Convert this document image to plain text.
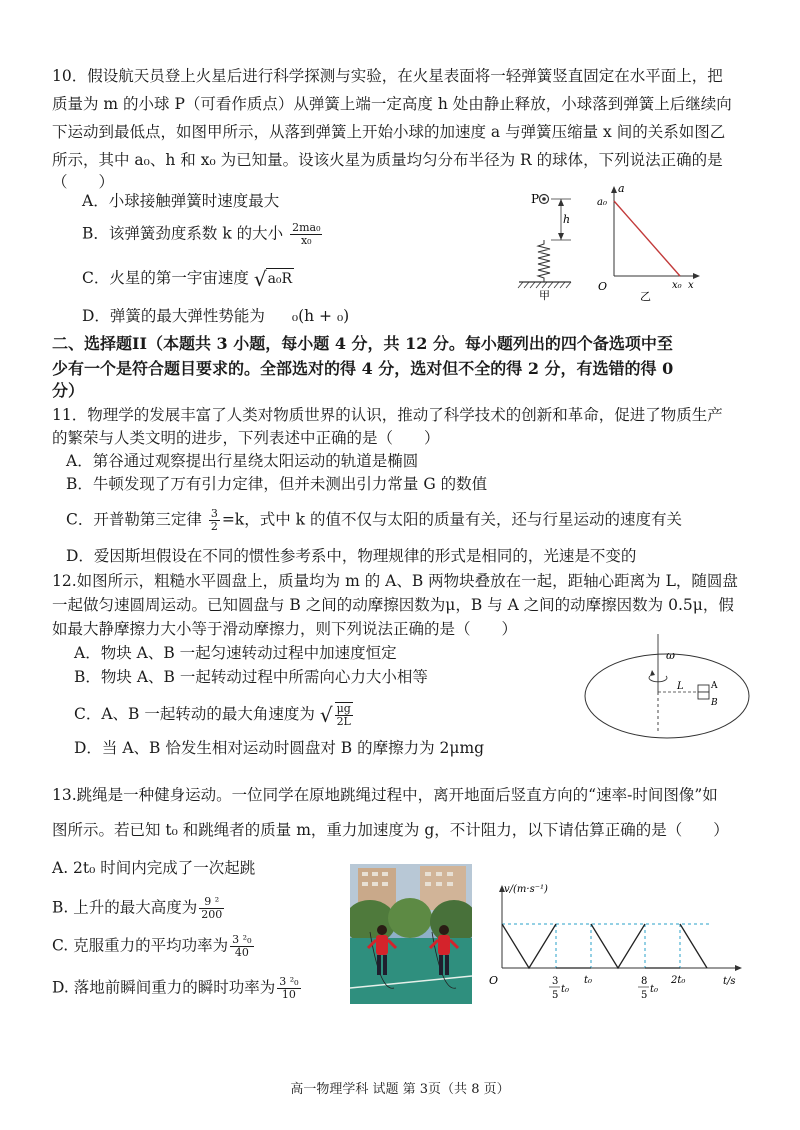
10．假设航天员登上火星后进行科学探测与实验，在火星表面将一轻弹簧竖直固定在水平面上，把
质量为 m 的小球 P（可看作质点）从弹簧上端一定高度 h 处由静止释放，小球落到弹簧上后继续向
下运动到最低点，如图甲所示，从落到弹簧上开始小球的加速度 a 与弹簧压缩量 x 间的关系如图乙
所示，其中 a₀、h 和 x₀ 为已知量。设该火星为质量均匀分布半径为 R 的球体，下列说法正确的是
（　　）
A．小球接触弹簧时速度最大
B．该弹簧劲度系数 k 的大小 $\frac{\text{2ma₀}}{\text{x₀}}$
C．火星的第一宇宙速度 √a₀R
D．弹簧的最大弹性势能为 ₀(h + ₀)
P
h
甲
a
a₀
O	x₀ x
乙
二、选择题II（本题共 3 小题，每小题 4 分，共 12 分。每小题列出的四个备选项中至
少有一个是符合题目要求的。全部选对的得 4 分，选对但不全的得 2 分，有选错的得 0
分）
11．物理学的发展丰富了人类对物质世界的认识，推动了科学技术的创新和革命，促进了物质生产
的繁荣与人类文明的进步，下列表述中正确的是（　　）
A．第谷通过观察提出行星绕太阳运动的轨道是椭圆
B．牛顿发现了万有引力定律，但并未测出引力常量 G 的数值
C．开普勒第三定律 $\frac{3}{2} =k$，式中 k 的值不仅与太阳的质量有关，还与行星运动的速度有关
D．爱因斯坦假设在不同的惯性参考系中，物理规律的形式是相同的，光速是不变的
12.如图所示，粗糙水平圆盘上，质量均为 m 的 A、B 两物块叠放在一起，距轴心距离为 L，随圆盘
一起做匀速圆周运动。已知圆盘与 B 之间的动摩擦因数为μ，B 与 A 之间的动摩擦因数为 0.5μ，假
如最大静摩擦力大小等于滑动摩擦力，则下列说法正确的是（　　）
A．物块 A、B 一起匀速转动过程中加速度恒定
B．物块 A、B 一起转动过程中所需向心力大小相等
C．A、B 一起转动的最大角速度为 √ $\frac{\mu g}{2L}$
D．当 A、B 恰发生相对运动时圆盘对 B 的摩擦力为 2μmg
ω
L	A
B
13.跳绳是一种健身运动。一位同学在原地跳绳过程中，离开地面后竖直方向的“速率-时间图像”如
图所示。若已知 t₀ 和跳绳者的质量 m，重力加速度为 g，不计阻力，以下请估算正确的是（　　）
A. 2t₀ 时间内完成了一次起跳
B. 上升的最大高度为 $\frac{\text{9 ²}}{200}$
C. 克服重力的平均功率为 $\frac{\text{3 ²₀}}{40}$
D. 落地前瞬间重力的瞬时功率为 $\frac{\text{3 ²₀}}{10}$
v/(m·s⁻¹)
t/s
O	3
5
t₀
t₀	8
5
t₀
2t₀
高一物理学科 试题 第 3页（共 8 页）
